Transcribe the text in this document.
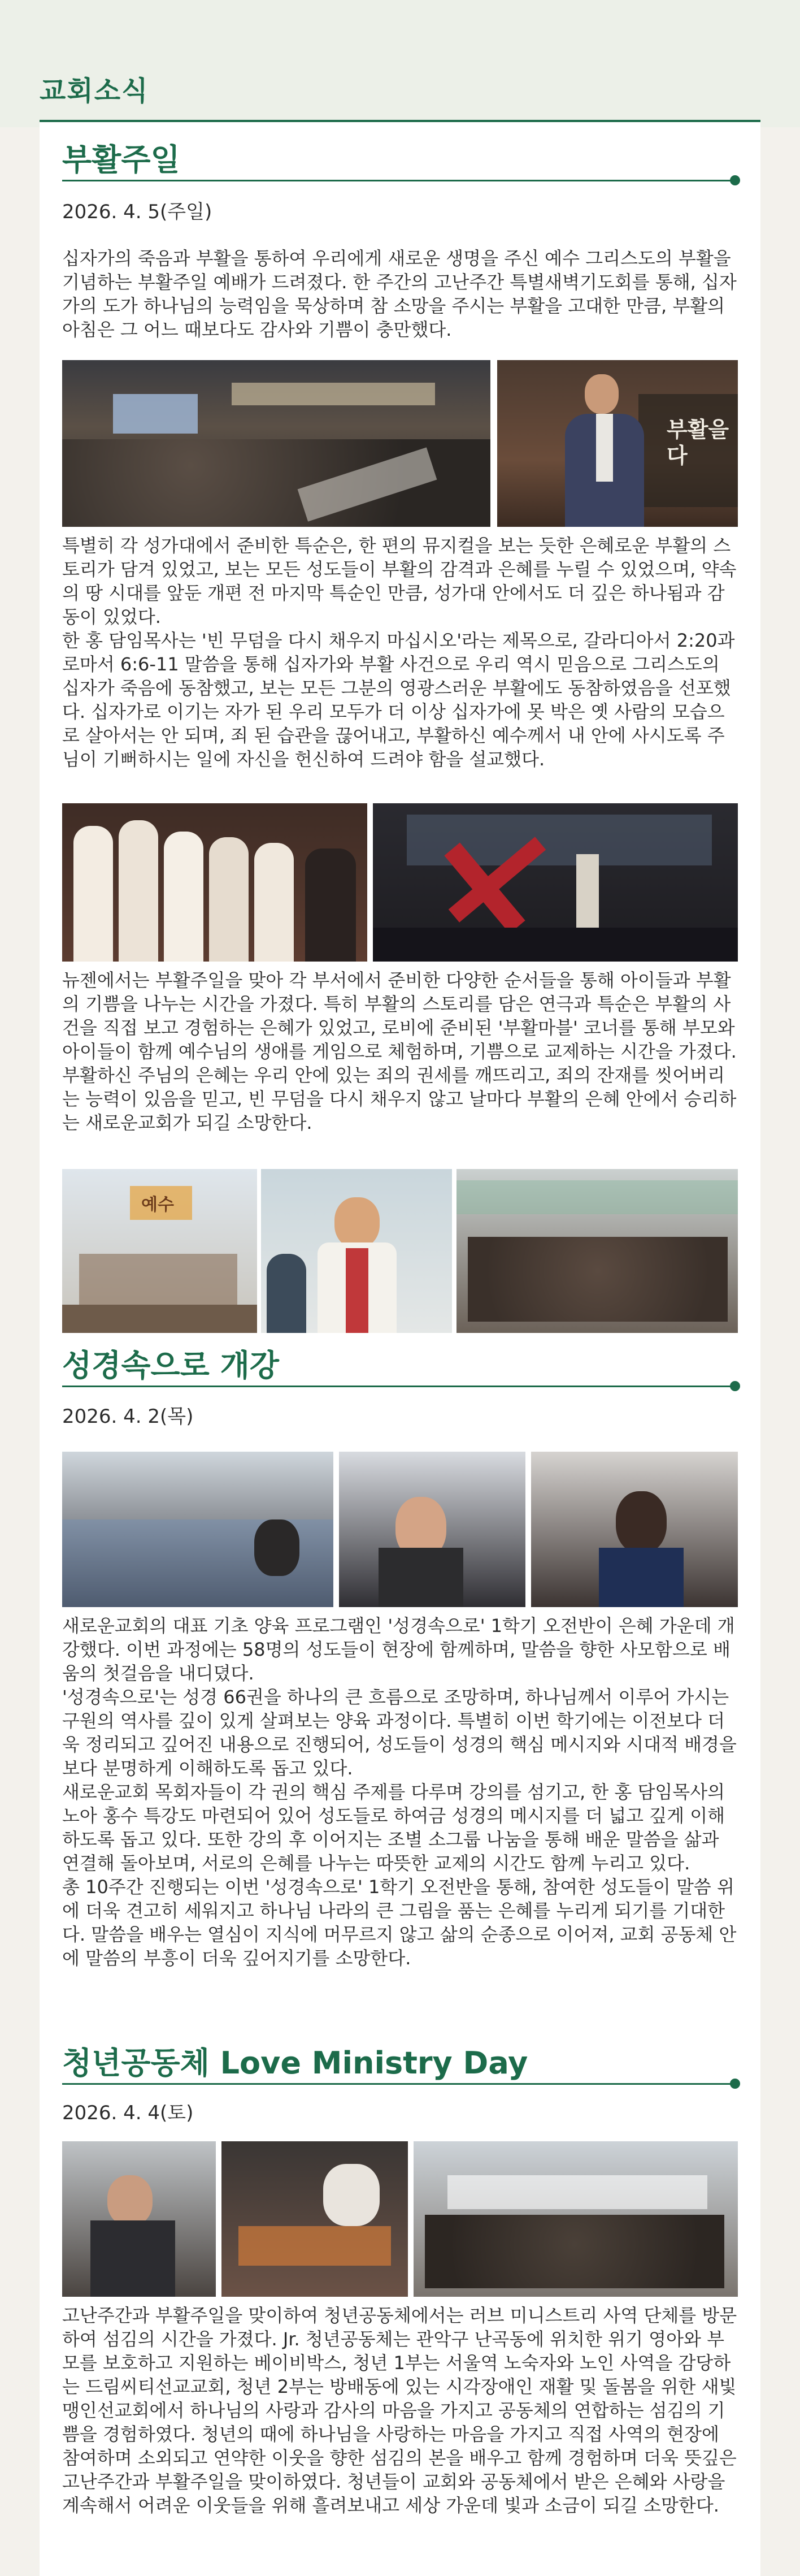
교회소식
부활주일
2026. 4. 5(주일)

십자가의 죽음과 부활을 통하여 우리에게 새로운 생명을 주신 예수 그리스도의 부활을 기념하는 부활주일 예배가 드려졌다. 한 주간의 고난주간 특별새벽기도회를 통해, 십자가의 도가 하나님의 능력임을 묵상하며 참 소망을 주시는 부활을 고대한 만큼, 부활의 아침은 그 어느 때보다도 감사와 기쁨이 충만했다.

부활을 다

특별히 각 성가대에서 준비한 특순은, 한 편의 뮤지컬을 보는 듯한 은혜로운 부활의 스토리가 담겨 있었고, 보는 모든 성도들이 부활의 감격과 은혜를 누릴 수 있었으며, 약속의 땅 시대를 앞둔 개편 전 마지막 특순인 만큼, 성가대 안에서도 더 깊은 하나됨과 감동이 있었다.
한 홍 담임목사는 '빈 무덤을 다시 채우지 마십시오'라는 제목으로, 갈라디아서 2:20과 로마서 6:6-11 말씀을 통해 십자가와 부활 사건으로 우리 역시 믿음으로 그리스도의 십자가 죽음에 동참했고, 보는 모든 그분의 영광스러운 부활에도 동참하였음을 선포했다. 십자가로 이기는 자가 된 우리 모두가 더 이상 십자가에 못 박은 옛 사람의 모습으로 살아서는 안 되며, 죄 된 습관을 끊어내고, 부활하신 예수께서 내 안에 사시도록 주님이 기뻐하시는 일에 자신을 헌신하여 드려야 함을 설교했다.

뉴젠에서는 부활주일을 맞아 각 부서에서 준비한 다양한 순서들을 통해 아이들과 부활의 기쁨을 나누는 시간을 가졌다. 특히 부활의 스토리를 담은 연극과 특순은 부활의 사건을 직접 보고 경험하는 은혜가 있었고, 로비에 준비된 '부활마블' 코너를 통해 부모와 아이들이 함께 예수님의 생애를 게임으로 체험하며, 기쁨으로 교제하는 시간을 가졌다.
부활하신 주님의 은혜는 우리 안에 있는 죄의 권세를 깨뜨리고, 죄의 잔재를 씻어버리는 능력이 있음을 믿고, 빈 무덤을 다시 채우지 않고 날마다 부활의 은혜 안에서 승리하는 새로운교회가 되길 소망한다.

예수
성경속으로 개강
2026. 4. 2(목)

새로운교회의 대표 기초 양육 프로그램인 '성경속으로' 1학기 오전반이 은혜 가운데 개강했다. 이번 과정에는 58명의 성도들이 현장에 함께하며, 말씀을 향한 사모함으로 배움의 첫걸음을 내디뎠다.
'성경속으로'는 성경 66권을 하나의 큰 흐름으로 조망하며, 하나님께서 이루어 가시는 구원의 역사를 깊이 있게 살펴보는 양육 과정이다. 특별히 이번 학기에는 이전보다 더욱 정리되고 깊어진 내용으로 진행되어, 성도들이 성경의 핵심 메시지와 시대적 배경을 보다 분명하게 이해하도록 돕고 있다.
새로운교회 목회자들이 각 권의 핵심 주제를 다루며 강의를 섬기고, 한 홍 담임목사의 노아 홍수 특강도 마련되어 있어 성도들로 하여금 성경의 메시지를 더 넓고 깊게 이해하도록 돕고 있다. 또한 강의 후 이어지는 조별 소그룹 나눔을 통해 배운 말씀을 삶과 연결해 돌아보며, 서로의 은혜를 나누는 따뜻한 교제의 시간도 함께 누리고 있다.
총 10주간 진행되는 이번 '성경속으로' 1학기 오전반을 통해, 참여한 성도들이 말씀 위에 더욱 견고히 세워지고 하나님 나라의 큰 그림을 품는 은혜를 누리게 되기를 기대한다. 말씀을 배우는 열심이 지식에 머무르지 않고 삶의 순종으로 이어져, 교회 공동체 안에 말씀의 부흥이 더욱 깊어지기를 소망한다.

청년공동체 Love Ministry Day
2026. 4. 4(토)

고난주간과 부활주일을 맞이하여 청년공동체에서는 러브 미니스트리 사역 단체를 방문하여 섬김의 시간을 가졌다. Jr. 청년공동체는 관악구 난곡동에 위치한 위기 영아와 부모를 보호하고 지원하는 베이비박스, 청년 1부는 서울역 노숙자와 노인 사역을 감당하는 드림씨티선교교회, 청년 2부는 방배동에 있는 시각장애인 재활 및 돌봄을 위한 새빛맹인선교회에서 하나님의 사랑과 감사의 마음을 가지고 공동체의 연합하는 섬김의 기쁨을 경험하였다. 청년의 때에 하나님을 사랑하는 마음을 가지고 직접 사역의 현장에 참여하며 소외되고 연약한 이웃을 향한 섬김의 본을 배우고 함께 경험하며 더욱 뜻깊은 고난주간과 부활주일을 맞이하였다. 청년들이 교회와 공동체에서 받은 은혜와 사랑을 계속해서 어려운 이웃들을 위해 흘려보내고 세상 가운데 빛과 소금이 되길 소망한다.
